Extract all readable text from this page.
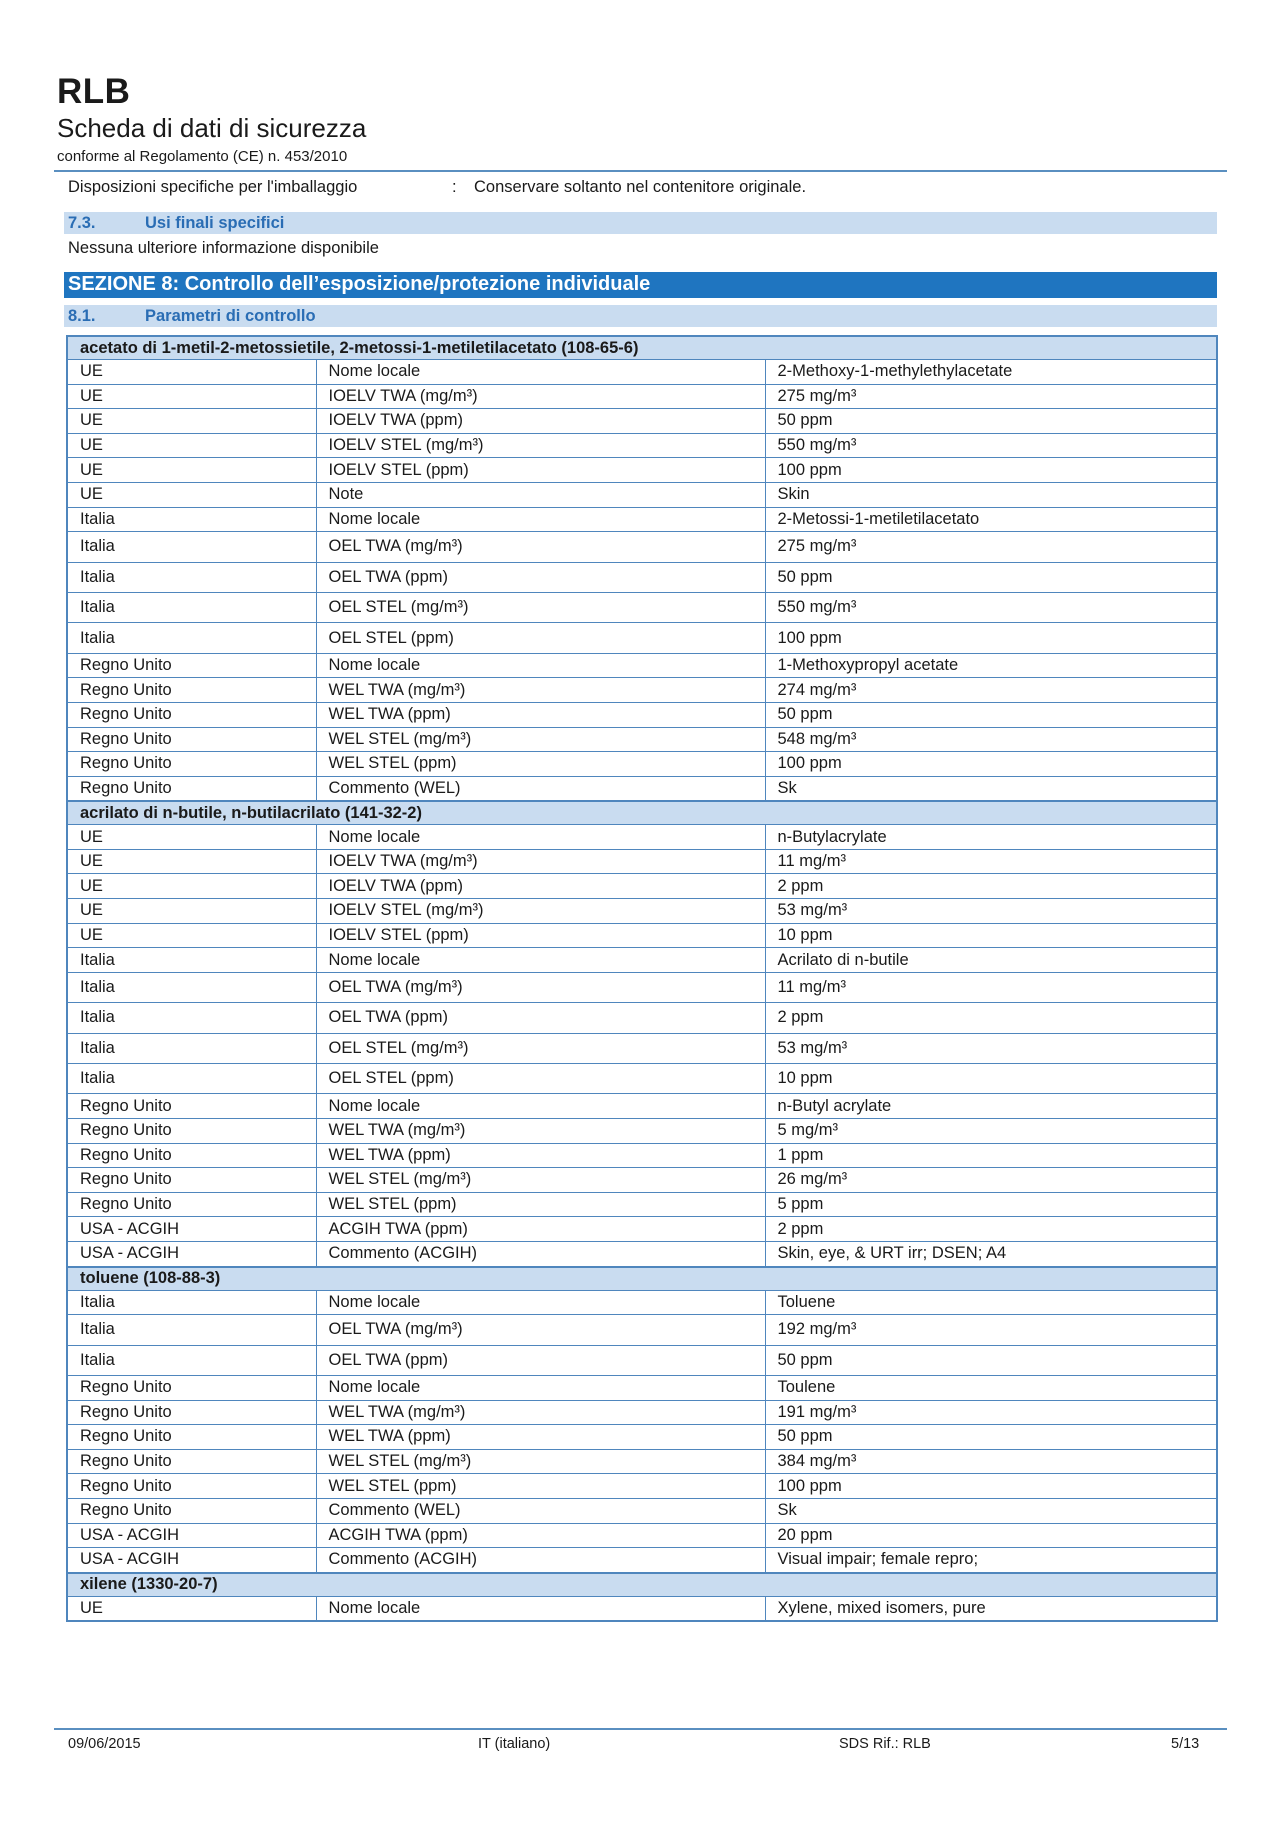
RLB
Scheda di dati di sicurezza
conforme al Regolamento (CE) n. 453/2010
Disposizioni specifiche per l'imballaggio	: Conservare soltanto nel contenitore originale.
7.3.	Usi finali specifici
Nessuna ulteriore informazione disponibile
SEZIONE 8: Controllo dell’esposizione/protezione individuale
8.1.	Parametri di controllo
acetato di 1-metil-2-metossietile, 2-metossi-1-metiletilacetato (108-65-6)		
UE	Nome locale	2-Methoxy-1-methylethylacetate
UE	IOELV TWA (mg/m³)	275 mg/m³
UE	IOELV TWA (ppm)	50 ppm
UE	IOELV STEL (mg/m³)	550 mg/m³
UE	IOELV STEL (ppm)	100 ppm
UE	Note	Skin
Italia	Nome locale	2-Metossi-1-metiletilacetato
Italia	OEL TWA (mg/m³)	275 mg/m³
Italia	OEL TWA (ppm)	50 ppm
Italia	OEL STEL (mg/m³)	550 mg/m³
Italia	OEL STEL (ppm)	100 ppm
Regno Unito	Nome locale	1-Methoxypropyl acetate
Regno Unito	WEL TWA (mg/m³)	274 mg/m³
Regno Unito	WEL TWA (ppm)	50 ppm
Regno Unito	WEL STEL (mg/m³)	548 mg/m³
Regno Unito	WEL STEL (ppm)	100 ppm
Regno Unito	Commento (WEL)	Sk
acrilato di n-butile, n-butilacrilato (141-32-2)		
UE	Nome locale	n-Butylacrylate
UE	IOELV TWA (mg/m³)	11 mg/m³
UE	IOELV TWA (ppm)	2 ppm
UE	IOELV STEL (mg/m³)	53 mg/m³
UE	IOELV STEL (ppm)	10 ppm
Italia	Nome locale	Acrilato di n-butile
Italia	OEL TWA (mg/m³)	11 mg/m³
Italia	OEL TWA (ppm)	2 ppm
Italia	OEL STEL (mg/m³)	53 mg/m³
Italia	OEL STEL (ppm)	10 ppm
Regno Unito	Nome locale	n-Butyl acrylate
Regno Unito	WEL TWA (mg/m³)	5 mg/m³
Regno Unito	WEL TWA (ppm)	1 ppm
Regno Unito	WEL STEL (mg/m³)	26 mg/m³
Regno Unito	WEL STEL (ppm)	5 ppm
USA - ACGIH	ACGIH TWA (ppm)	2 ppm
USA - ACGIH	Commento (ACGIH)	Skin, eye, & URT irr; DSEN; A4
toluene (108-88-3)		
Italia	Nome locale	Toluene
Italia	OEL TWA (mg/m³)	192 mg/m³
Italia	OEL TWA (ppm)	50 ppm
Regno Unito	Nome locale	Toulene
Regno Unito	WEL TWA (mg/m³)	191 mg/m³
Regno Unito	WEL TWA (ppm)	50 ppm
Regno Unito	WEL STEL (mg/m³)	384 mg/m³
Regno Unito	WEL STEL (ppm)	100 ppm
Regno Unito	Commento (WEL)	Sk
USA - ACGIH	ACGIH TWA (ppm)	20 ppm
USA - ACGIH	Commento (ACGIH)	Visual impair; female repro;
xilene (1330-20-7)		
UE	Nome locale	Xylene, mixed isomers, pure
09/06/2015	IT (italiano)	SDS Rif.: RLB	5/13
